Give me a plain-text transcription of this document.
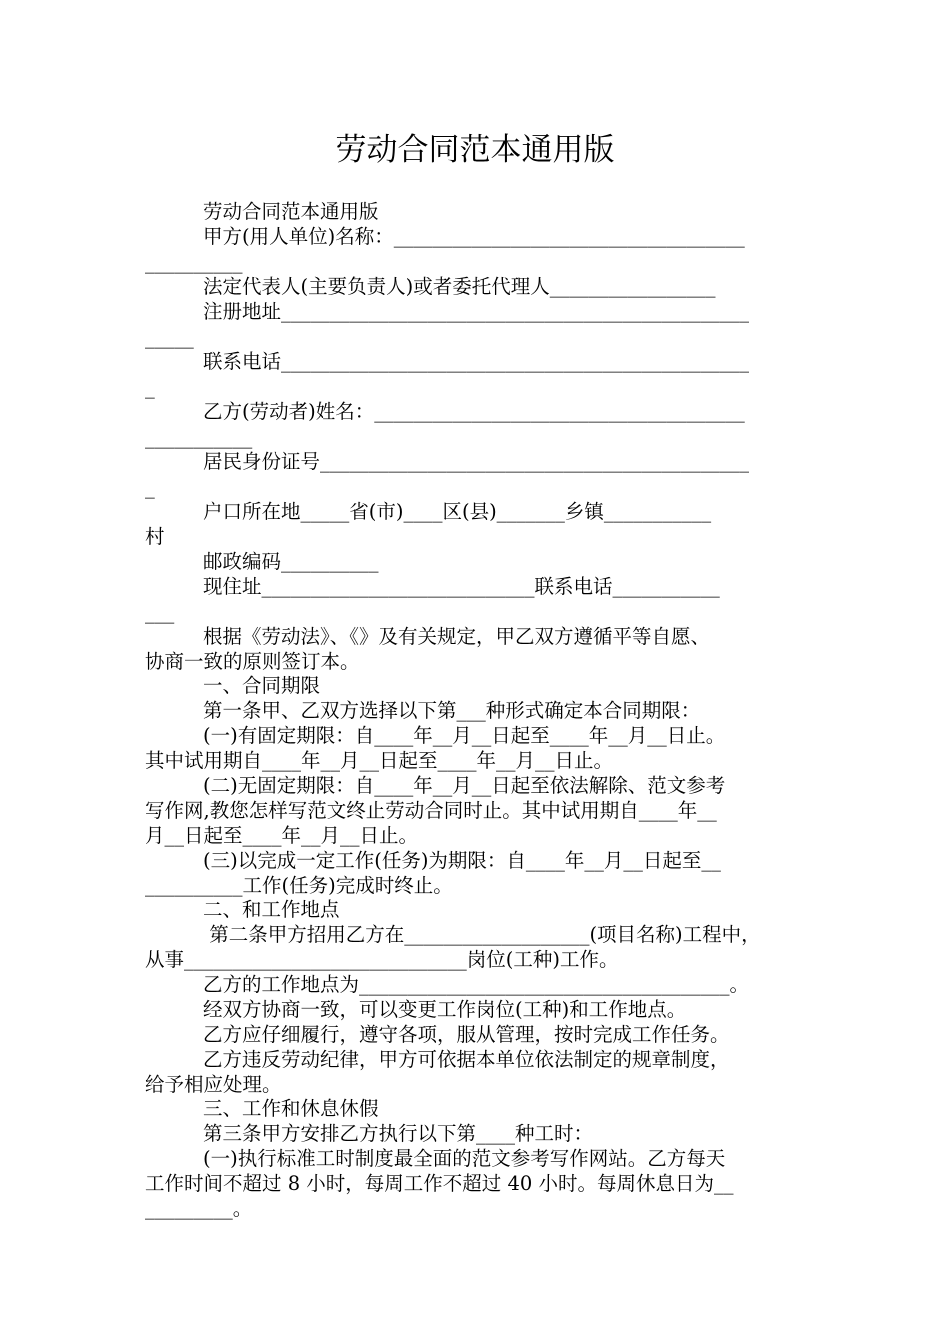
劳动合同范本通用版
劳动合同范本通用版
甲方(用人单位)名称：____________________________________
__________
法定代表人(主要负责人)或者委托代理人_________________
注册地址________________________________________________
_____
联系电话________________________________________________
_
乙方(劳动者)姓名：______________________________________
___________
居民身份证号____________________________________________
_
户口所在地_____省(市)____区(县)_______乡镇___________
村
邮政编码__________
现住址____________________________联系电话___________
___
根据《劳动法》、《》及有关规定，甲乙双方遵循平等自愿、
协商一致的原则签订本。
一、合同期限
第一条甲、乙双方选择以下第___种形式确定本合同期限：
(一)有固定期限：自____年__月__日起至____年__月__日止。
其中试用期自____年__月__日起至____年__月__日止。
(二)无固定期限：自____年__月__日起至依法解除、范文参考
写作网,教您怎样写范文终止劳动合同时止。其中试用期自____年__
月__日起至____年__月__日止。
(三)以完成一定工作(任务)为期限：自____年__月__日起至__
__________工作(任务)完成时终止。
二、和工作地点
第二条甲方招用乙方在___________________(项目名称)工程中，
从事_____________________________岗位(工种)工作。
乙方的工作地点为______________________________________。
经双方协商一致，可以变更工作岗位(工种)和工作地点。
乙方应仔细履行，遵守各项，服从管理，按时完成工作任务。
乙方违反劳动纪律，甲方可依据本单位依法制定的规章制度，
给予相应处理。
三、工作和休息休假
第三条甲方安排乙方执行以下第____种工时：
(一)执行标准工时制度最全面的范文参考写作网站。乙方每天
工作时间不超过 8 小时，每周工作不超过 40 小时。每周休息日为__
_________。
